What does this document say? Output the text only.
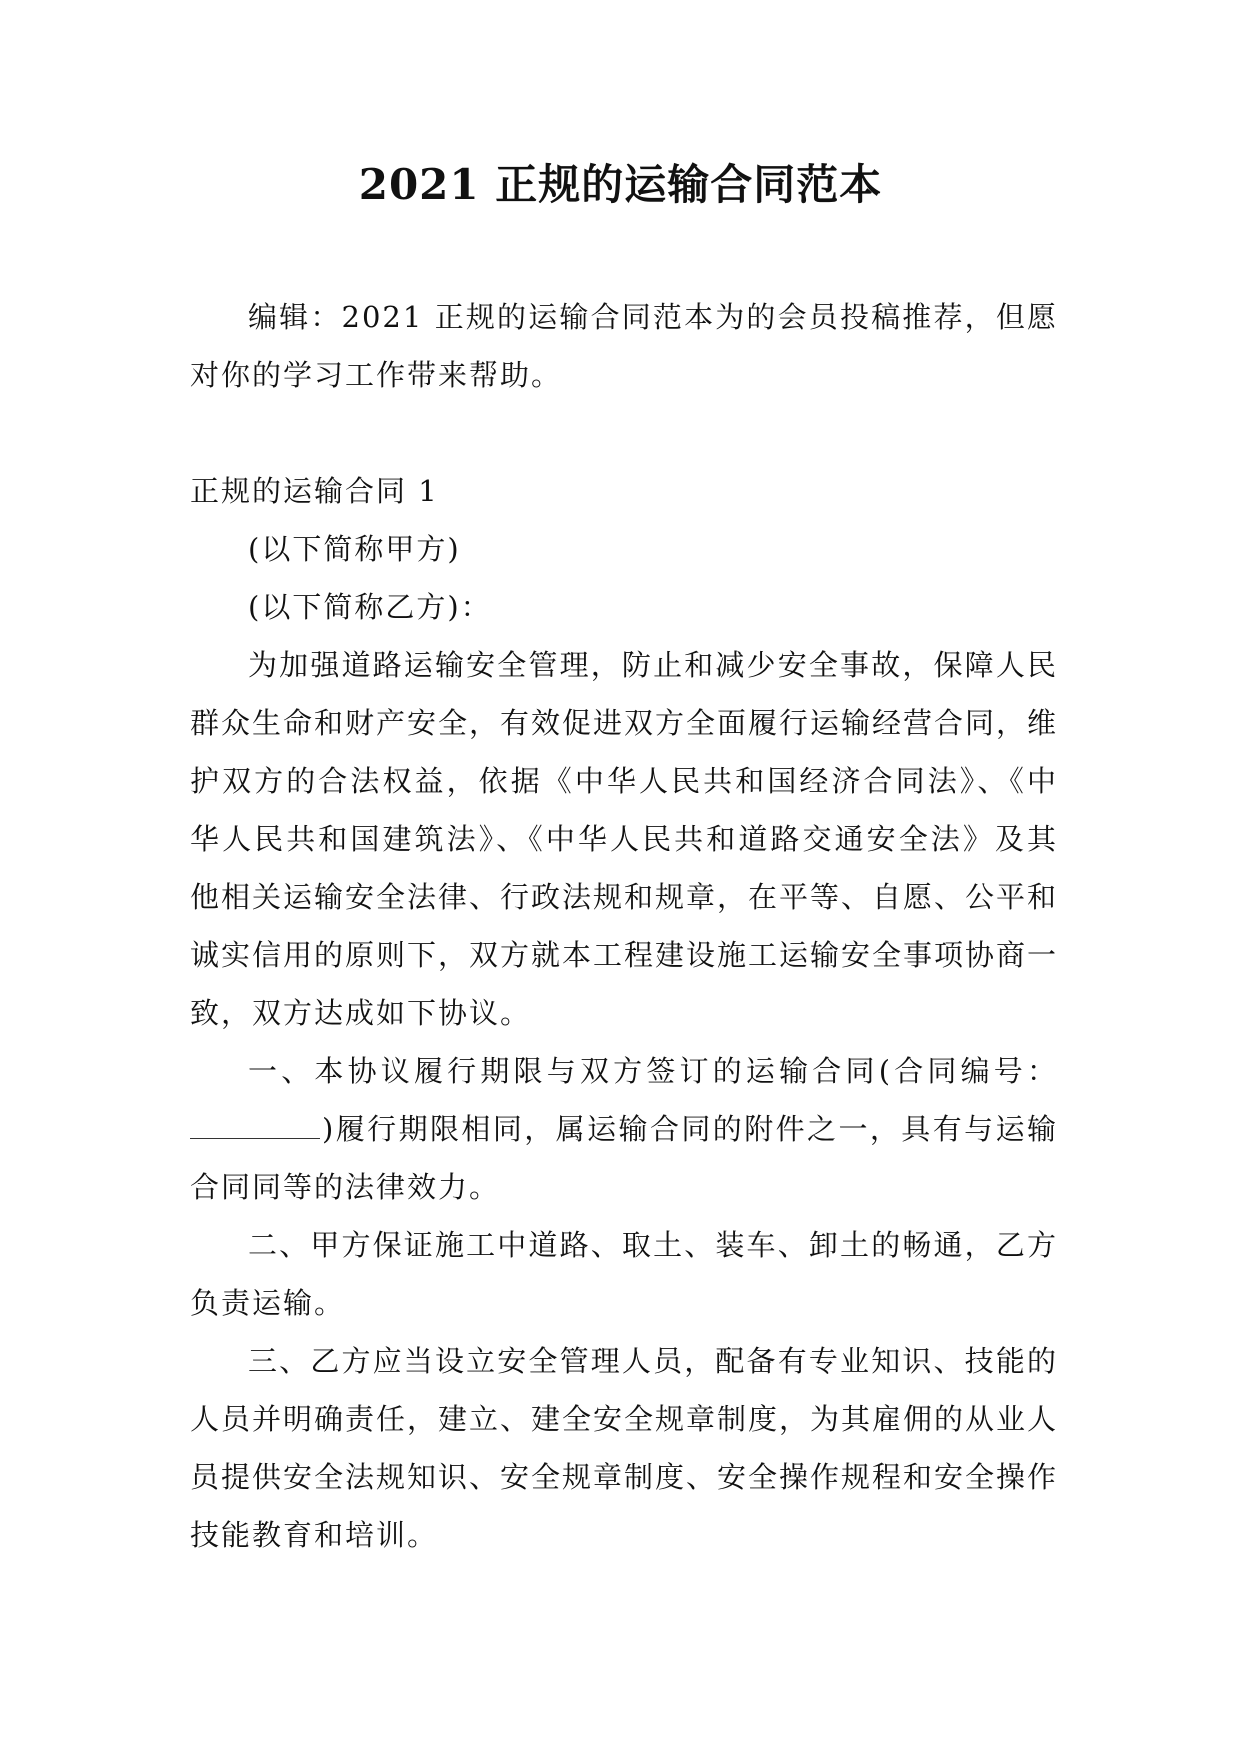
2021 正规的运输合同范本

编辑：2021 正规的运输合同范本为的会员投稿推荐，但愿对你的学习工作带来帮助。

正规的运输合同 1

(以下简称甲方)

(以下简称乙方)：

为加强道路运输安全管理，防止和减少安全事故，保障人民群众生命和财产安全，有效促进双方全面履行运输经营合同，维护双方的合法权益，依据《中华人民共和国经济合同法》、《中华人民共和国建筑法》、《中华人民共和道路交通安全法》及其他相关运输安全法律、行政法规和规章，在平等、自愿、公平和诚实信用的原则下，双方就本工程建设施工运输安全事项协商一致，双方达成如下协议。

一、本协议履行期限与双方签订的运输合同(合同编号：)履行期限相同，属运输合同的附件之一，具有与运输合同同等的法律效力。

二、甲方保证施工中道路、取土、装车、卸土的畅通，乙方负责运输。

三、乙方应当设立安全管理人员，配备有专业知识、技能的人员并明确责任，建立、建全安全规章制度，为其雇佣的从业人员提供安全法规知识、安全规章制度、安全操作规程和安全操作技能教育和培训。
